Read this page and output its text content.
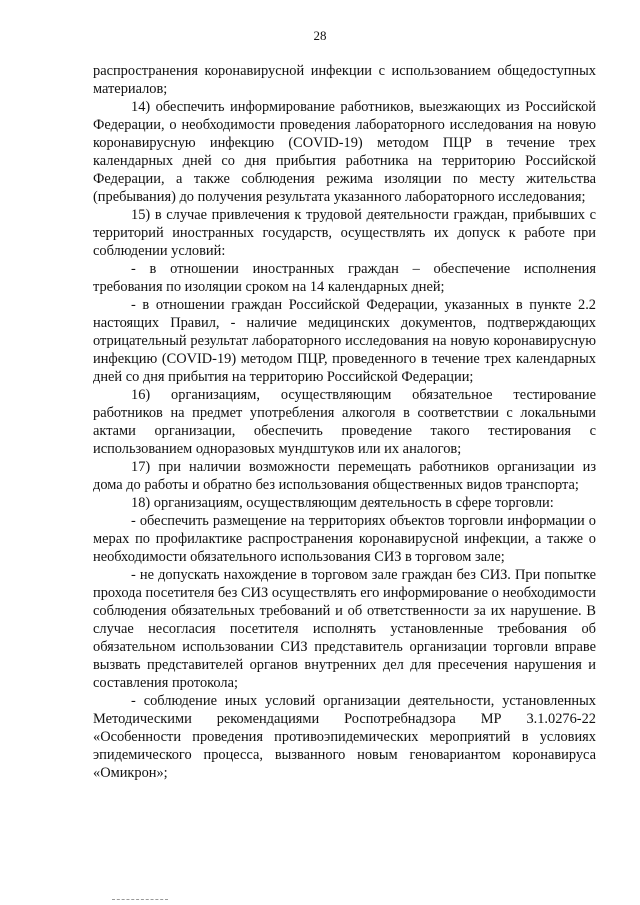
28

распространения коронавирусной инфекции с использованием общедоступных материалов;

14) обеспечить информирование работников, выезжающих из Российской Федерации, о необходимости проведения лабораторного исследования на новую коронавирусную инфекцию (COVID-19) методом ПЦР в течение трех календарных дней со дня прибытия работника на территорию Российской Федерации, а также соблюдения режима изоляции по месту жительства (пребывания) до получения результата указанного лабораторного исследования;

15) в случае привлечения к трудовой деятельности граждан, прибывших с территорий иностранных государств, осуществлять их допуск к работе при соблюдении условий:

- в отношении иностранных граждан – обеспечение исполнения требования по изоляции сроком на 14 календарных дней;

- в отношении граждан Российской Федерации, указанных в пункте 2.2 настоящих Правил, - наличие медицинских документов, подтверждающих отрицательный результат лабораторного исследования на новую коронавирусную инфекцию (COVID-19) методом ПЦР, проведенного в течение трех календарных дней со дня прибытия на территорию Российской Федерации;

16) организациям, осуществляющим обязательное тестирование работников на предмет употребления алкоголя в соответствии с локальными актами организации, обеспечить проведение такого тестирования с использованием одноразовых мундштуков или их аналогов;

17) при наличии возможности перемещать работников организации из дома до работы и обратно без использования общественных видов транспорта;

18) организациям, осуществляющим деятельность в сфере торговли:

- обеспечить размещение на территориях объектов торговли информации о мерах по профилактике распространения коронавирусной инфекции, а также о необходимости обязательного использования СИЗ в торговом зале;

- не допускать нахождение в торговом зале граждан без СИЗ. При попытке прохода посетителя без СИЗ осуществлять его информирование о необходимости соблюдения обязательных требований и об ответственности за их нарушение. В случае несогласия посетителя исполнять установленные требования об обязательном использовании СИЗ представитель организации торговли вправе вызвать представителей органов внутренних дел для пресечения нарушения и составления протокола;

- соблюдение иных условий организации деятельности, установленных Методическими рекомендациями Роспотребнадзора МР 3.1.0276-22 «Особенности проведения противоэпидемических мероприятий в условиях эпидемического процесса, вызванного новым геновариантом коронавируса «Омикрон»;
